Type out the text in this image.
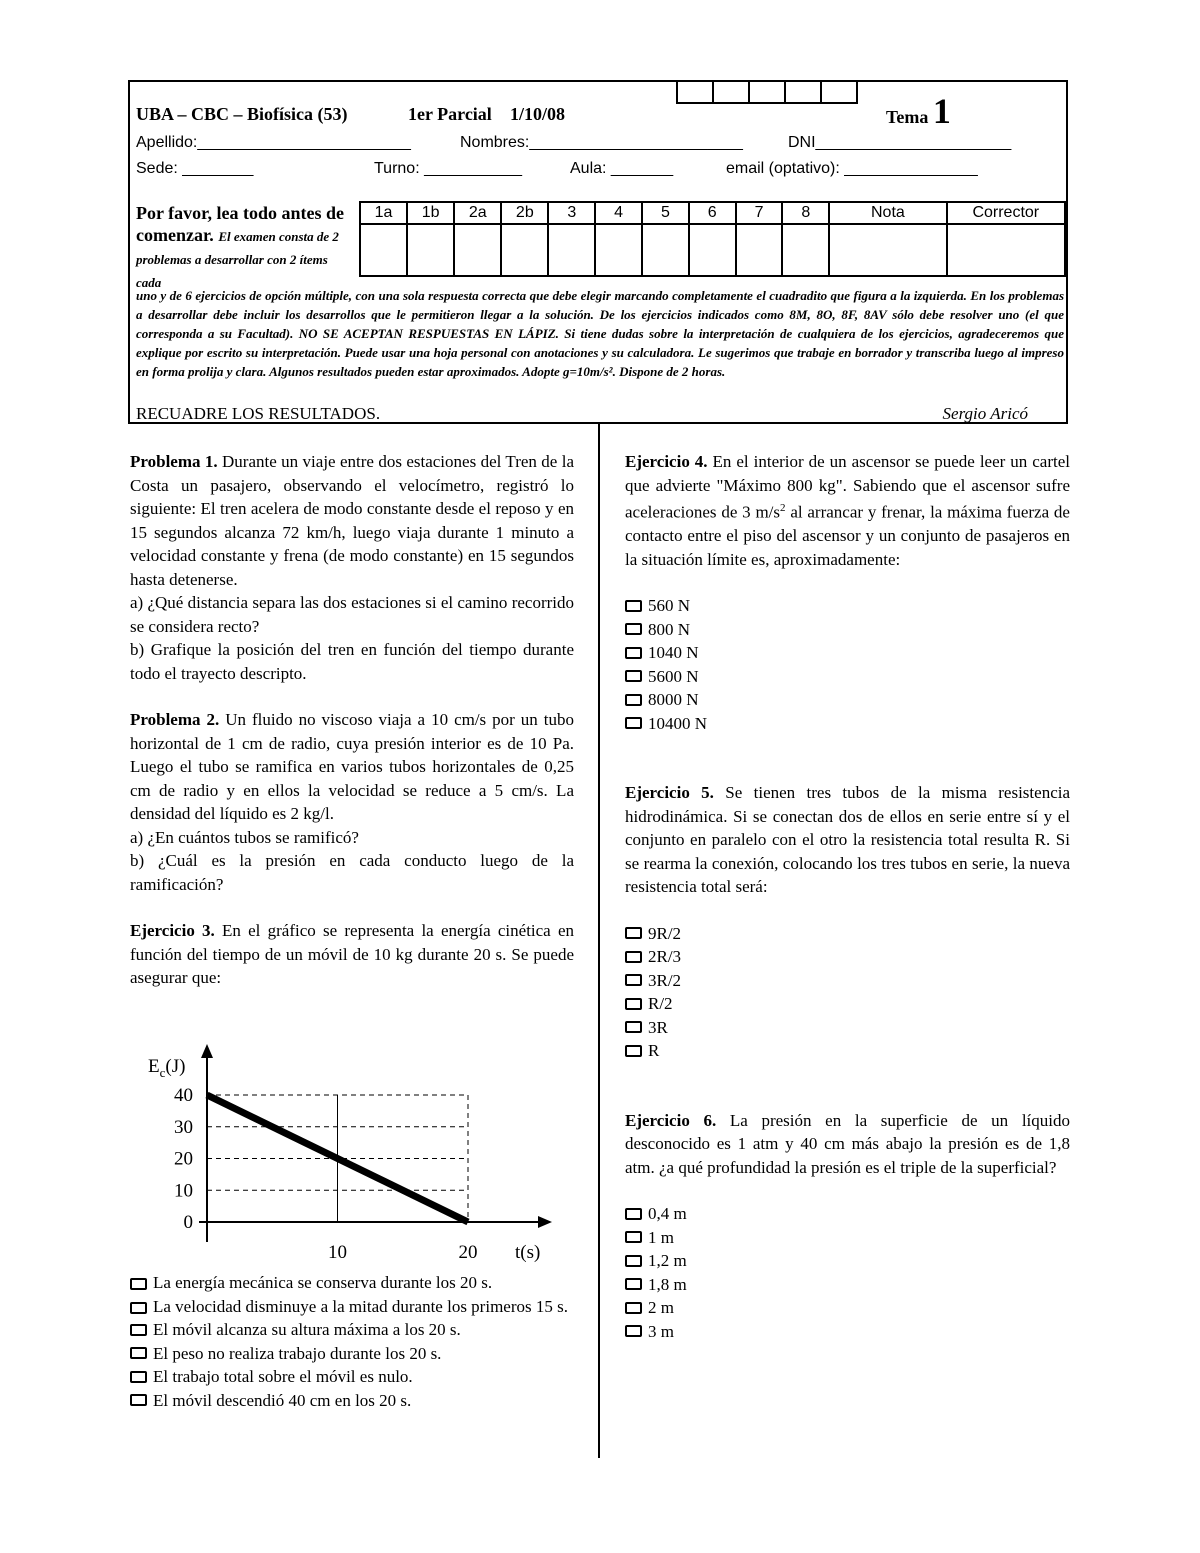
UBA – CBC – Biofísica (53)	1er Parcial 1/10/08	Tema 1
Apellido:________________________	Nombres:________________________	DNI______________________
Sede: ________	Turno: ___________	Aula: _______	email (optativo): _______________
Por favor, lea todo antes de comenzar. El examen consta de 2 problemas a desarrollar con 2 ítems cada
1a	1b	2a	2b	3	4	5	6	7	8	Nota	Corrector

uno y de 6 ejercicios de opción múltiple, con una sola respuesta correcta que debe elegir marcando completamente el cuadradito que figura a la izquierda. En los problemas a desarrollar debe incluir los desarrollos que le permitieron llegar a la solución. De los ejercicios indicados como 8M, 8O, 8F, 8AV sólo debe resolver uno (el que corresponda a su Facultad). NO SE ACEPTAN RESPUESTAS EN LÁPIZ. Si tiene dudas sobre la interpretación de cualquiera de los ejercicios, agradeceremos que explique por escrito su interpretación. Puede usar una hoja personal con anotaciones y su calculadora. Le sugerimos que trabaje en borrador y transcriba luego al impreso en forma prolija y clara. Algunos resultados pueden estar aproximados. Adopte g=10m/s². Dispone de 2 horas.
RECUADRE LOS RESULTADOS.	Sergio Aricó

Problema 1. Durante un viaje entre dos estaciones del Tren de la Costa un pasajero, observando el velocímetro, registró lo siguiente: El tren acelera de modo constante desde el reposo y en 15 segundos alcanza 72 km/h, luego viaja durante 1 minuto a velocidad constante y frena (de modo constante) en 15 segundos hasta detenerse.

a) ¿Qué distancia separa las dos estaciones si el camino recorrido se considera recto?

b) Grafique la posición del tren en función del tiempo durante todo el trayecto descripto.

Problema 2. Un fluido no viscoso viaja a 10 cm/s por un tubo horizontal de 1 cm de radio, cuya presión interior es de 10 Pa. Luego el tubo se ramifica en varios tubos horizontales de 0,25 cm de radio y en ellos la velocidad se reduce a 5 cm/s. La densidad del líquido es 2 kg/l.

a) ¿En cuántos tubos se ramificó?

b) ¿Cuál es la presión en cada conducto luego de la ramificación?

Ejercicio 3. En el gráfico se representa la energía cinética en función del tiempo de un móvil de 10 kg durante 20 s. Se puede asegurar que:

0
10
20
30
40
10	20 t(s)
$E_c(J)$
La energía mecánica se conserva durante los 20 s.
La velocidad disminuye a la mitad durante los primeros 15 s.
El móvil alcanza su altura máxima a los 20 s.
El peso no realiza trabajo durante los 20 s.
El trabajo total sobre el móvil es nulo.
El móvil descendió 40 cm en los 20 s.

Ejercicio 4. En el interior de un ascensor se puede leer un cartel que advierte "Máximo 800 kg". Sabiendo que el ascensor sufre aceleraciones de 3 $m/s^2$ al arrancar y frenar, la máxima fuerza de contacto entre el piso del ascensor y un conjunto de pasajeros en la situación límite es, aproximadamente:

560 N
800 N
1040 N
5600 N
8000 N
10400 N

Ejercicio 5. Se tienen tres tubos de la misma resistencia hidrodinámica. Si se conectan dos de ellos en serie entre sí y el conjunto en paralelo con el otro la resistencia total resulta R. Si se rearma la conexión, colocando los tres tubos en serie, la nueva resistencia total será:

9R/2
2R/3
3R/2
R/2
3R
R

Ejercicio 6. La presión en la superficie de un líquido desconocido es 1 atm y 40 cm más abajo la presión es de 1,8 atm. ¿a qué profundidad la presión es el triple de la superficial?

0,4 m
1 m
1,2 m
1,8 m
2 m
3 m
